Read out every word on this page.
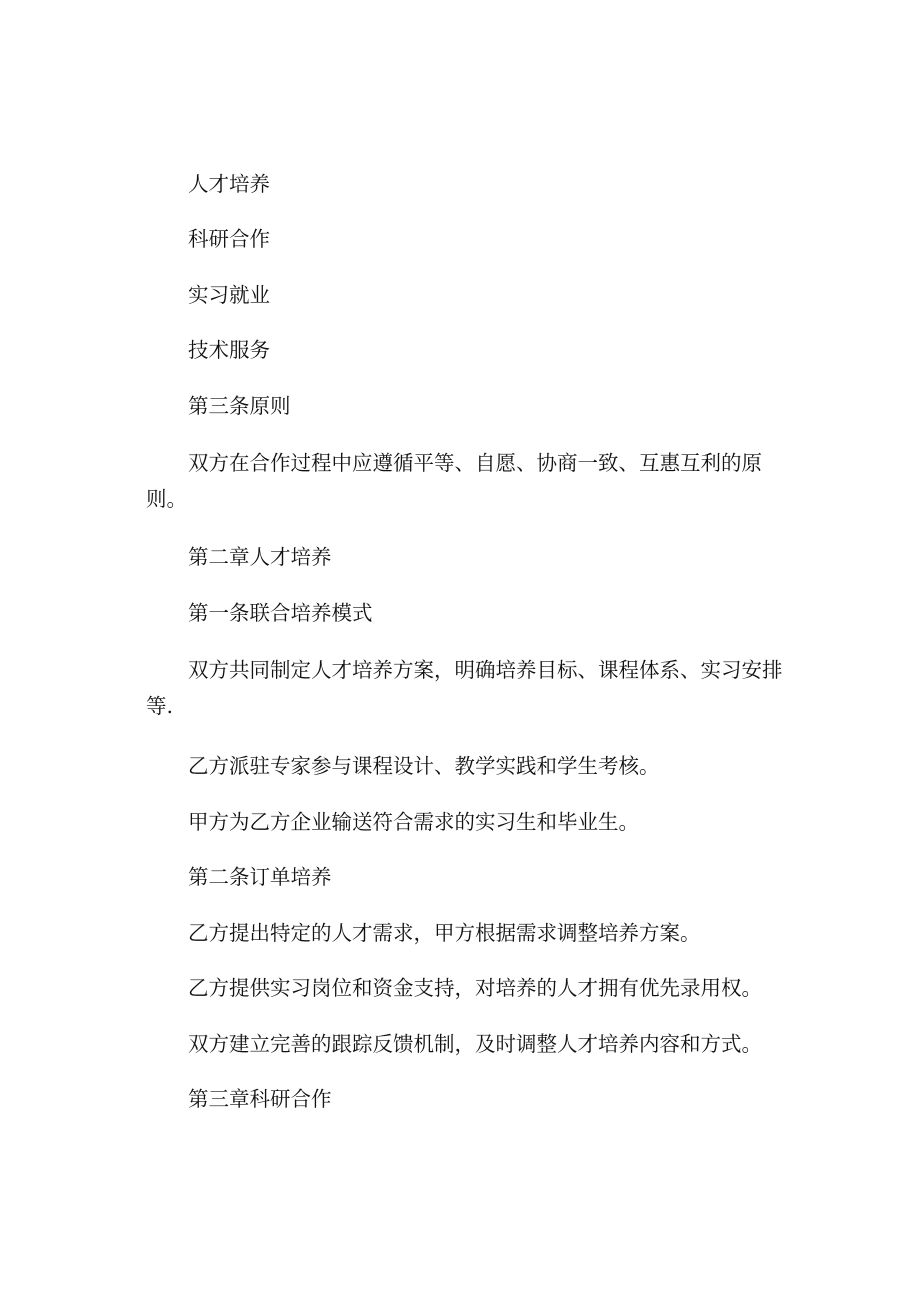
人才培养

科研合作

实习就业

技术服务

第三条原则

双方在合作过程中应遵循平等、自愿、协商一致、互惠互利的原则。

第二章人才培养

第一条联合培养模式

双方共同制定人才培养方案，明确培养目标、课程体系、实习安排等.

乙方派驻专家参与课程设计、教学实践和学生考核。

甲方为乙方企业输送符合需求的实习生和毕业生。

第二条订单培养

乙方提出特定的人才需求，甲方根据需求调整培养方案。

乙方提供实习岗位和资金支持，对培养的人才拥有优先录用权。

双方建立完善的跟踪反馈机制，及时调整人才培养内容和方式。

第三章科研合作
